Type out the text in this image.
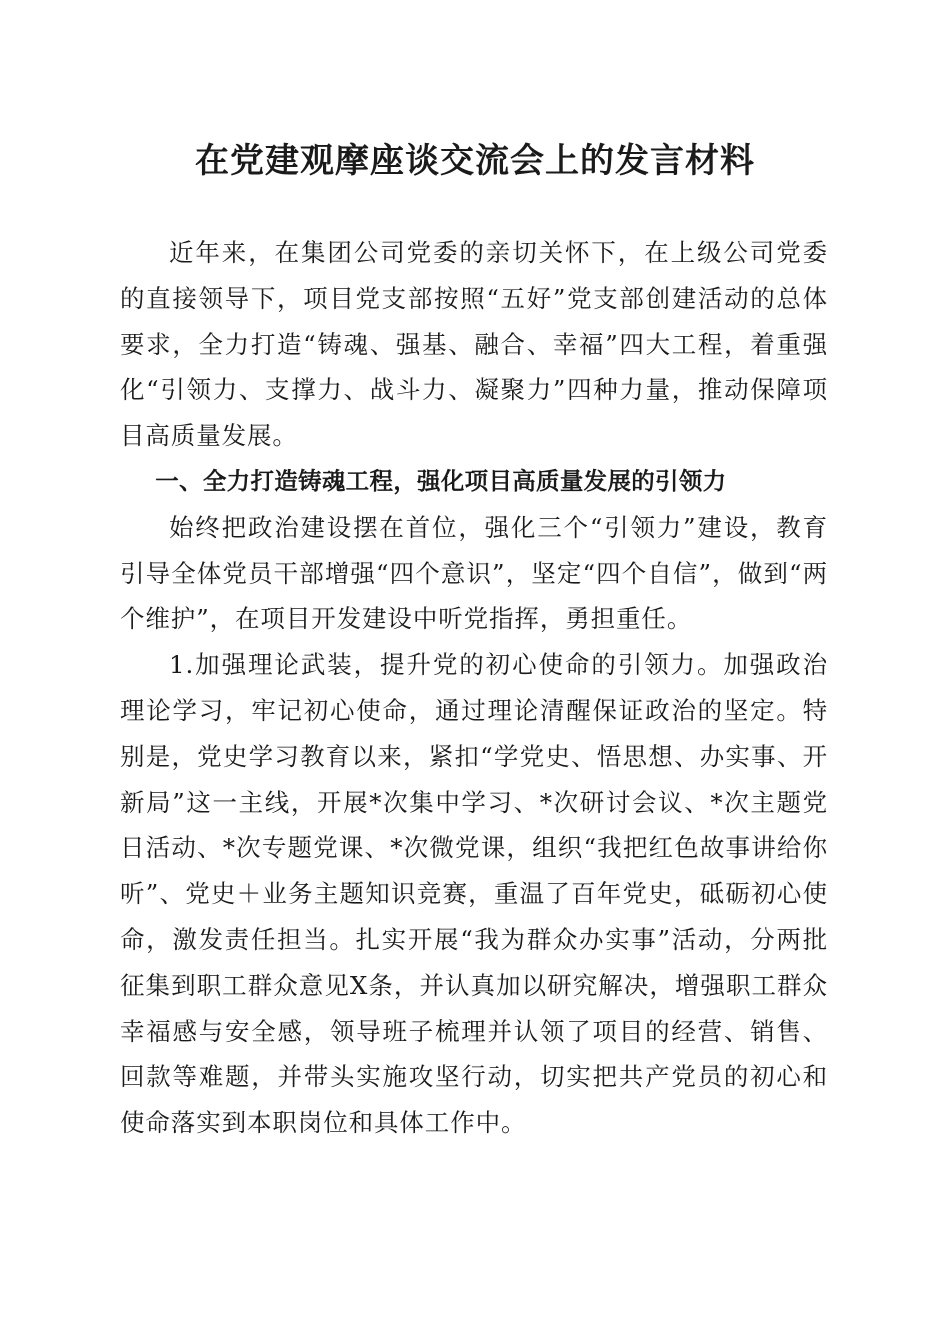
在党建观摩座谈交流会上的发言材料

近年来，在集团公司党委的亲切关怀下，在上级公司党委的直接领导下，项目党支部按照“五好”党支部创建活动的总体要求，全力打造“铸魂、强基、融合、幸福”四大工程，着重强化“引领力、支撑力、战斗力、凝聚力”四种力量，推动保障项目高质量发展。

一、全力打造铸魂工程，强化项目高质量发展的引领力

始终把政治建设摆在首位，强化三个“引领力”建设，教育引导全体党员干部增强“四个意识”，坚定“四个自信”，做到“两个维护”，在项目开发建设中听党指挥，勇担重任。

1.加强理论武装，提升党的初心使命的引领力。加强政治理论学习，牢记初心使命，通过理论清醒保证政治的坚定。特别是，党史学习教育以来，紧扣“学党史、悟思想、办实事、开新局”这一主线，开展*次集中学习、*次研讨会议、*次主题党日活动、*次专题党课、*次微党课，组织“我把红色故事讲给你听”、党史＋业务主题知识竞赛，重温了百年党史，砥砺初心使命，激发责任担当。扎实开展“我为群众办实事”活动，分两批征集到职工群众意见X条，并认真加以研究解决，增强职工群众幸福感与安全感，领导班子梳理并认领了项目的经营、销售、回款等难题，并带头实施攻坚行动，切实把共产党员的初心和使命落实到本职岗位和具体工作中。
